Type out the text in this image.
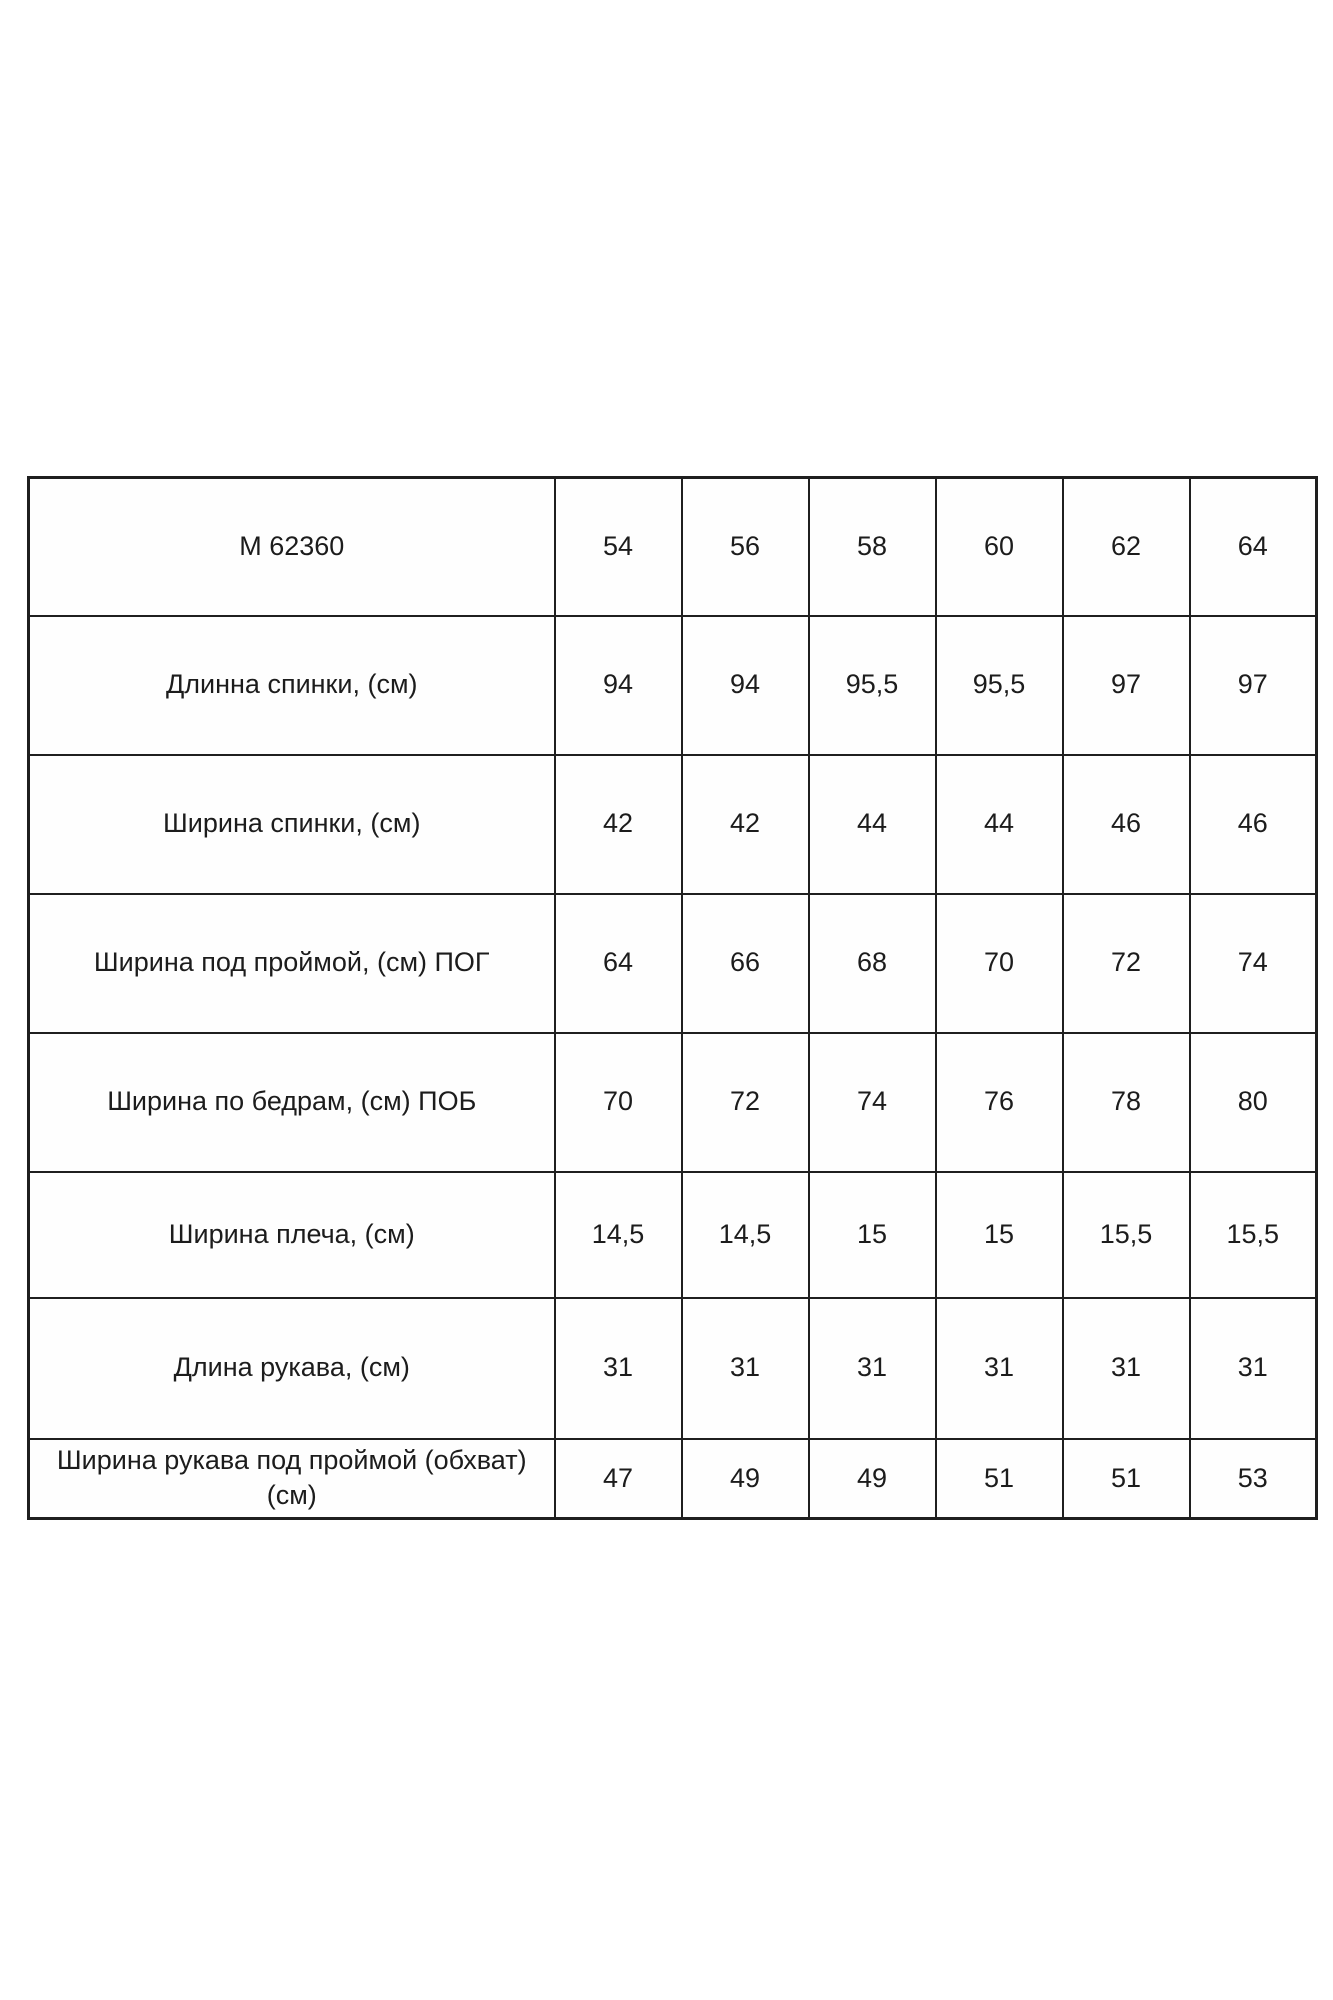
М 62360	54	56	58	60	62	64
Длинна спинки, (см)	94	94	95,5	95,5	97	97
Ширина спинки, (см)	42	42	44	44	46	46
Ширина под проймой, (см) ПОГ	64	66	68	70	72	74
Ширина по бедрам, (см) ПОБ	70	72	74	76	78	80
Ширина плеча, (см)	14,5	14,5	15	15	15,5	15,5
Длина рукава, (см)	31	31	31	31	31	31
Ширина рукава под проймой (обхват) (см)	47	49	49	51	51	53
